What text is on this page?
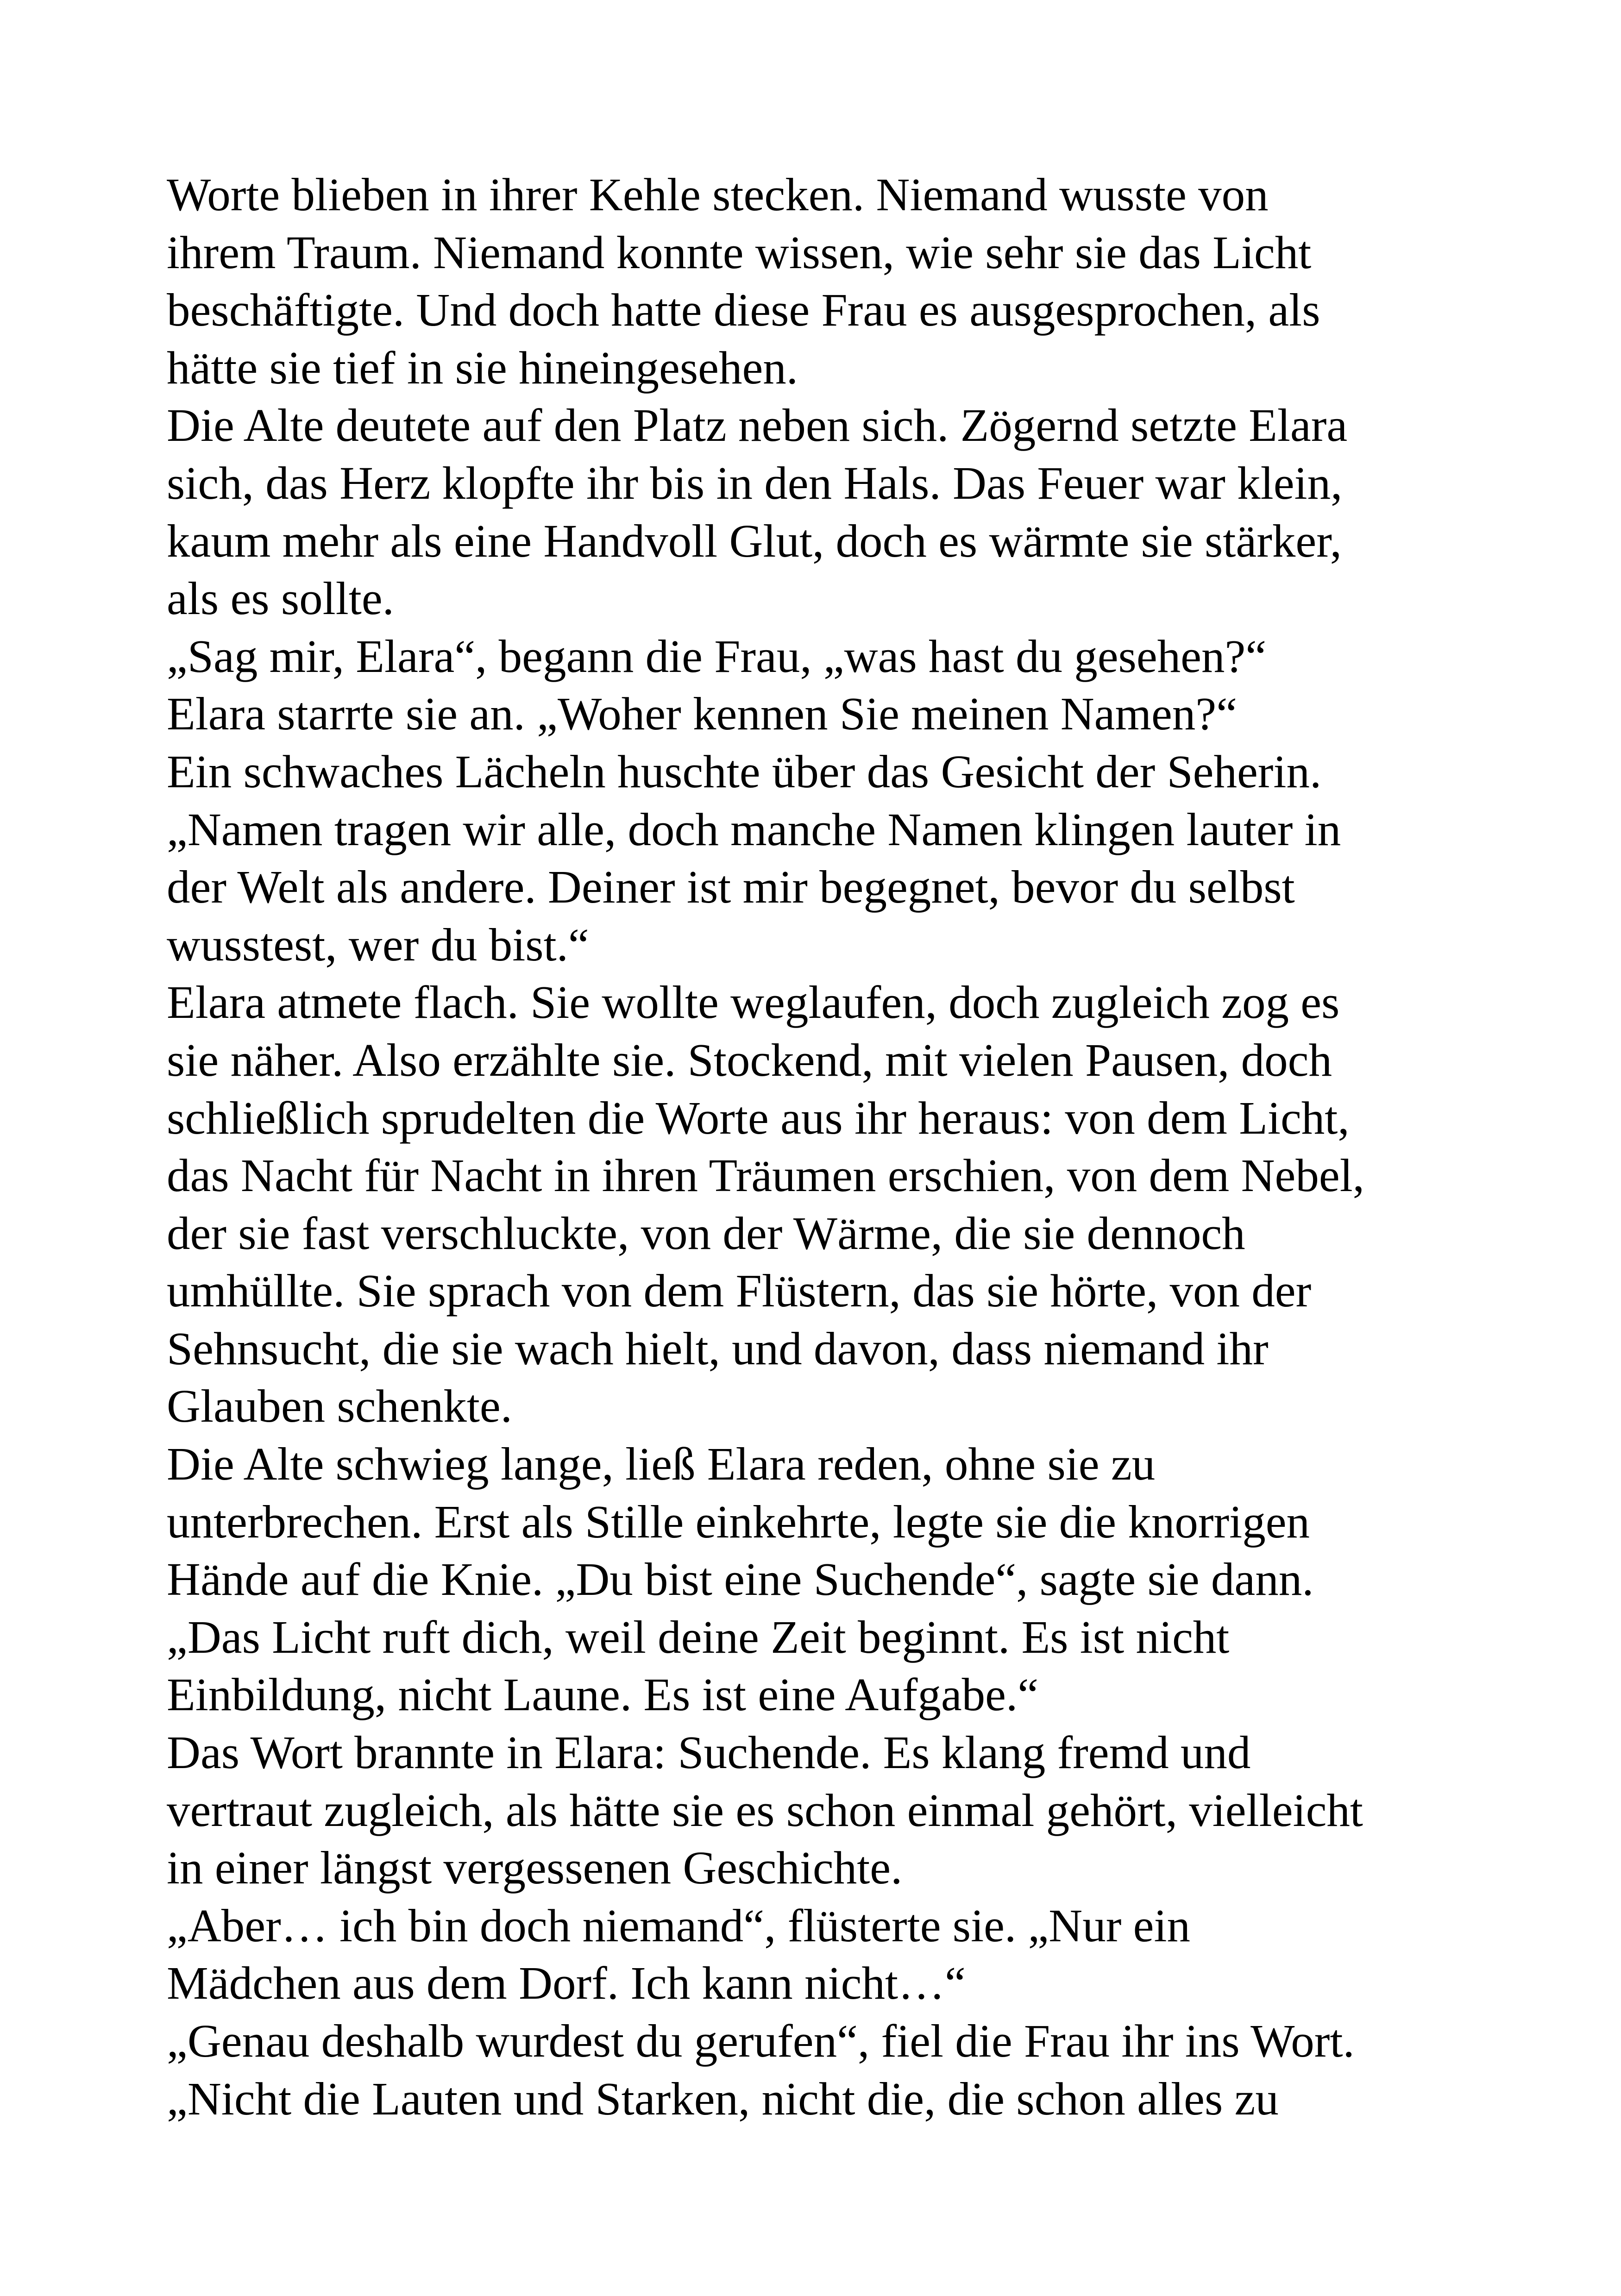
Worte blieben in ihrer Kehle stecken. Niemand wusste von
ihrem Traum. Niemand konnte wissen, wie sehr sie das Licht
beschäftigte. Und doch hatte diese Frau es ausgesprochen, als
hätte sie tief in sie hineingesehen.
Die Alte deutete auf den Platz neben sich. Zögernd setzte Elara
sich, das Herz klopfte ihr bis in den Hals. Das Feuer war klein,
kaum mehr als eine Handvoll Glut, doch es wärmte sie stärker,
als es sollte.
„Sag mir, Elara“, begann die Frau, „was hast du gesehen?“
Elara starrte sie an. „Woher kennen Sie meinen Namen?“
Ein schwaches Lächeln huschte über das Gesicht der Seherin.
„Namen tragen wir alle, doch manche Namen klingen lauter in
der Welt als andere. Deiner ist mir begegnet, bevor du selbst
wusstest, wer du bist.“
Elara atmete flach. Sie wollte weglaufen, doch zugleich zog es
sie näher. Also erzählte sie. Stockend, mit vielen Pausen, doch
schließlich sprudelten die Worte aus ihr heraus: von dem Licht,
das Nacht für Nacht in ihren Träumen erschien, von dem Nebel,
der sie fast verschluckte, von der Wärme, die sie dennoch
umhüllte. Sie sprach von dem Flüstern, das sie hörte, von der
Sehnsucht, die sie wach hielt, und davon, dass niemand ihr
Glauben schenkte.
Die Alte schwieg lange, ließ Elara reden, ohne sie zu
unterbrechen. Erst als Stille einkehrte, legte sie die knorrigen
Hände auf die Knie. „Du bist eine Suchende“, sagte sie dann.
„Das Licht ruft dich, weil deine Zeit beginnt. Es ist nicht
Einbildung, nicht Laune. Es ist eine Aufgabe.“
Das Wort brannte in Elara: Suchende. Es klang fremd und
vertraut zugleich, als hätte sie es schon einmal gehört, vielleicht
in einer längst vergessenen Geschichte.
„Aber… ich bin doch niemand“, flüsterte sie. „Nur ein
Mädchen aus dem Dorf. Ich kann nicht…“
„Genau deshalb wurdest du gerufen“, fiel die Frau ihr ins Wort.
„Nicht die Lauten und Starken, nicht die, die schon alles zu
